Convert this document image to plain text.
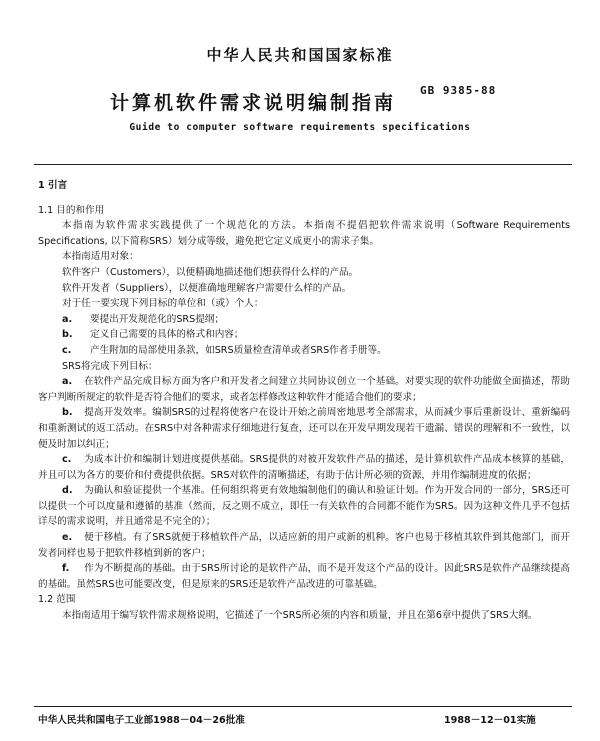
中华人民共和国国家标准
计算机软件需求说明编制指南
GB 9385-88
Guide to computer software requirements specifications

1 引言

1.1 目的和作用

本指南为软件需求实践提供了一个规范化的方法。本指南不提倡把软件需求说明（Software Requirements Specifications, 以下简称SRS）划分成等级，避免把它定义成更小的需求子集。

本指南适用对象：

软件客户（Customers），以便精确地描述他们想获得什么样的产品。

软件开发者（Suppliers），以便准确地理解客户需要什么样的产品。

对于任一要实现下列目标的单位和（或）个人：

a. 要提出开发规范化的SRS提纲；

b. 定义自己需要的具体的格式和内容；

c. 产生附加的局部使用条款，如SRS质量检查清单或者SRS作者手册等。

SRS将完成下列目标：

a. 在软件产品完成目标方面为客户和开发者之间建立共同协议创立一个基础。对要实现的软件功能做全面描述，帮助客户判断所规定的软件是否符合他们的要求，或者怎样修改这种软件才能适合他们的要求；

b. 提高开发效率。编制SRS的过程将使客户在设计开始之前周密地思考全部需求，从而减少事后重新设计、重新编码和重新测试的返工活动。在SRS中对各种需求仔细地进行复查，还可以在开发早期发现若干遗漏、错误的理解和不一致性，以便及时加以纠正；

c. 为成本计价和编制计划进度提供基础。SRS提供的对被开发软件产品的描述，是计算机软件产品成本核算的基础，并且可以为各方的要价和付费提供依据。SRS对软件的清晰描述，有助于估计所必须的资源，并用作编制进度的依据；

d. 为确认和验证提供一个基准。任何组织将更有效地编制他们的确认和验证计划。作为开发合同的一部分，SRS还可以提供一个可以度量和遵循的基准（然而，反之则不成立，即任一有关软件的合同都不能作为SRS。因为这种文件几乎不包括详尽的需求说明，并且通常是不完全的）；

e. 便于移植。有了SRS就便于移植软件产品，以适应新的用户或新的机种。客户也易于移植其软件到其他部门，而开发者同样也易于把软件移植到新的客户；

f. 作为不断提高的基础。由于SRS所讨论的是软件产品，而不是开发这个产品的设计。因此SRS是软件产品继续提高的基础。虽然SRS也可能要改变，但是原来的SRS还是软件产品改进的可靠基础。

1.2 范围

本指南适用于编写软件需求规格说明，它描述了一个SRS所必须的内容和质量，并且在第6章中提供了SRS大纲。

中华人民共和国电子工业部1988－04－26批准	1988－12－01实施
